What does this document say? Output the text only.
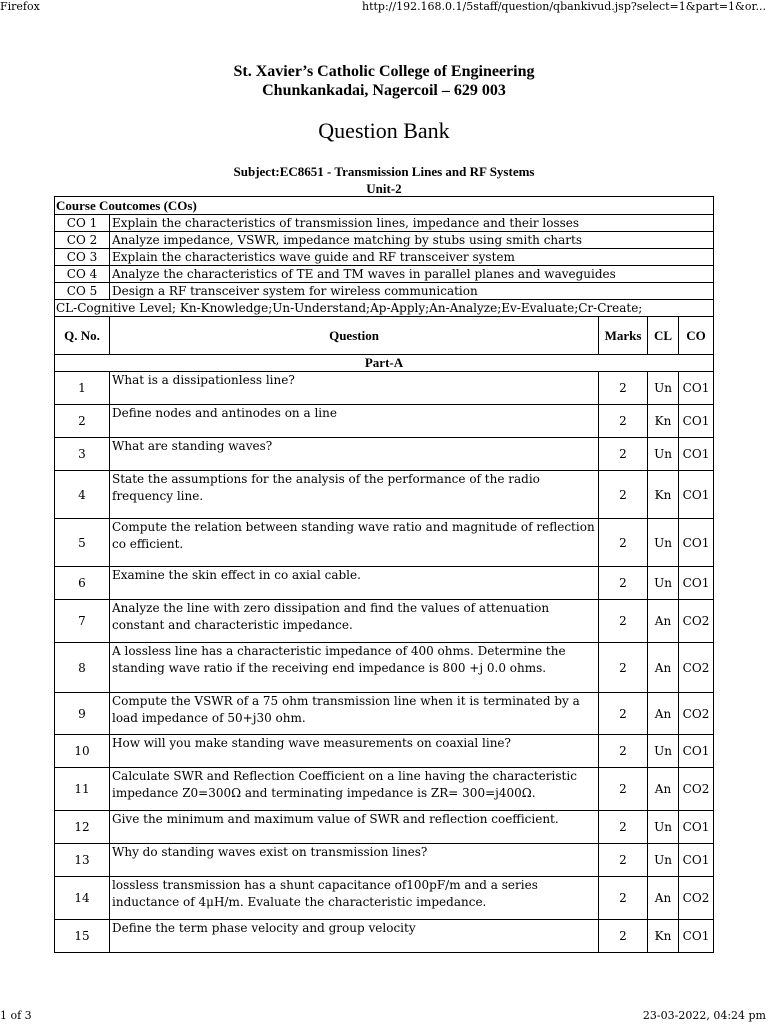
Firefox	http://192.168.0.1/5staff/question/qbankivud.jsp?select=1&part=1&or...
St. Xavier’s Catholic College of Engineering
Chunkankadai, Nagercoil – 629 003
Question Bank
Subject:EC8651 - Transmission Lines and RF Systems
Unit-2
Course Coutcomes (COs)				
CO 1	Explain the characteristics of transmission lines, impedance and their losses			
CO 2	Analyze impedance, VSWR, impedance matching by stubs using smith charts			
CO 3	Explain the characteristics wave guide and RF transceiver system			
CO 4	Analyze the characteristics of TE and TM waves in parallel planes and waveguides			
CO 5	Design a RF transceiver system for wireless communication			
CL-Cognitive Level; Kn-Knowledge;Un-Understand;Ap-Apply;An-Analyze;Ev-Evaluate;Cr-Create;				
Q. No.	Question	Marks	CL	CO
Part-A				
1	What is a dissipationless line?	2	Un	CO1
2	Define nodes and antinodes on a line	2	Kn	CO1
3	What are standing waves?	2	Un	CO1
4	State the assumptions for the analysis of the performance of the radio frequency line.	2	Kn	CO1
5	Compute the relation between standing wave ratio and magnitude of reflection co efficient.	2	Un	CO1
6	Examine the skin effect in co axial cable.	2	Un	CO1
7	Analyze the line with zero dissipation and find the values of attenuation constant and characteristic impedance.	2	An	CO2
8	A lossless line has a characteristic impedance of 400 ohms. Determine the standing wave ratio if the receiving end impedance is 800 +j 0.0 ohms.	2	An	CO2
9	Compute the VSWR of a 75 ohm transmission line when it is terminated by a load impedance of 50+j30 ohm.	2	An	CO2
10	How will you make standing wave measurements on coaxial line?	2	Un	CO1
11	Calculate SWR and Reflection Coefficient on a line having the characteristic impedance Z0=300Ω and terminating impedance is ZR= 300=j400Ω.	2	An	CO2
12	Give the minimum and maximum value of SWR and reflection coefficient.	2	Un	CO1
13	Why do standing waves exist on transmission lines?	2	Un	CO1
14	lossless transmission has a shunt capacitance of100pF/m and a series inductance of 4μH/m. Evaluate the characteristic impedance.	2	An	CO2
15	Define the term phase velocity and group velocity	2	Kn	CO1
1 of 3	23-03-2022, 04:24 pm
